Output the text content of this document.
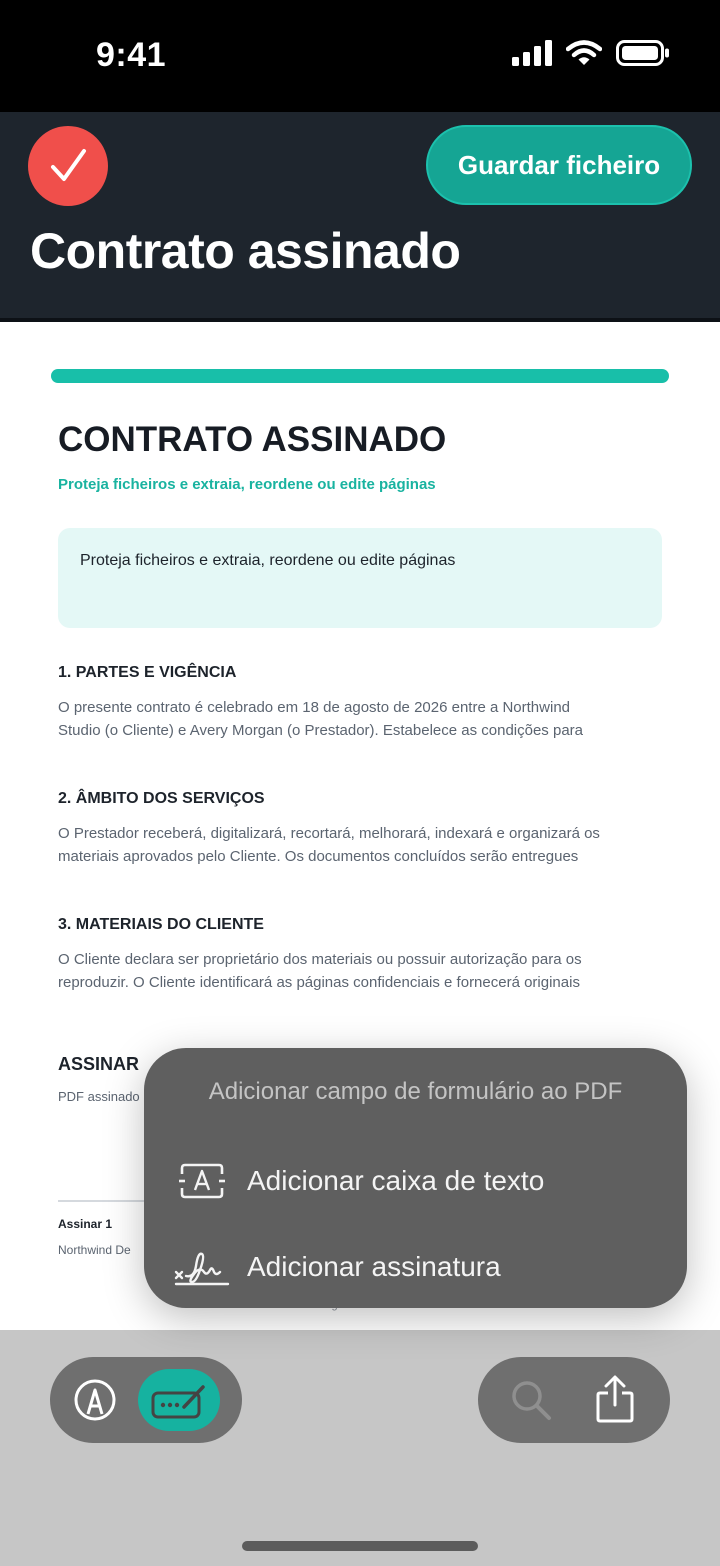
9:41
Guardar ficheiro
Contrato assinado
CONTRATO ASSINADO
Proteja ficheiros e extraia, reordene ou edite páginas
Proteja ficheiros e extraia, reordene ou edite páginas
1. PARTES E VIGÊNCIA
O presente contrato é celebrado em 18 de agosto de 2026 entre a Northwind
Studio (o Cliente) e Avery Morgan (o Prestador). Estabelece as condições para
2. ÂMBITO DOS SERVIÇOS
O Prestador receberá, digitalizará, recortará, melhorará, indexará e organizará os
materiais aprovados pelo Cliente. Os documentos concluídos serão entregues
3. MATERIAIS DO CLIENTE
O Cliente declara ser proprietário dos materiais ou possuir autorização para os
reproduzir. O Cliente identificará as páginas confidenciais e fornecerá originais
ASSINAR
PDF assinado
Assinar 1
Northwind De
Adicionar campo de formulário ao PDF
Adicionar caixa de texto
Adicionar assinatura
